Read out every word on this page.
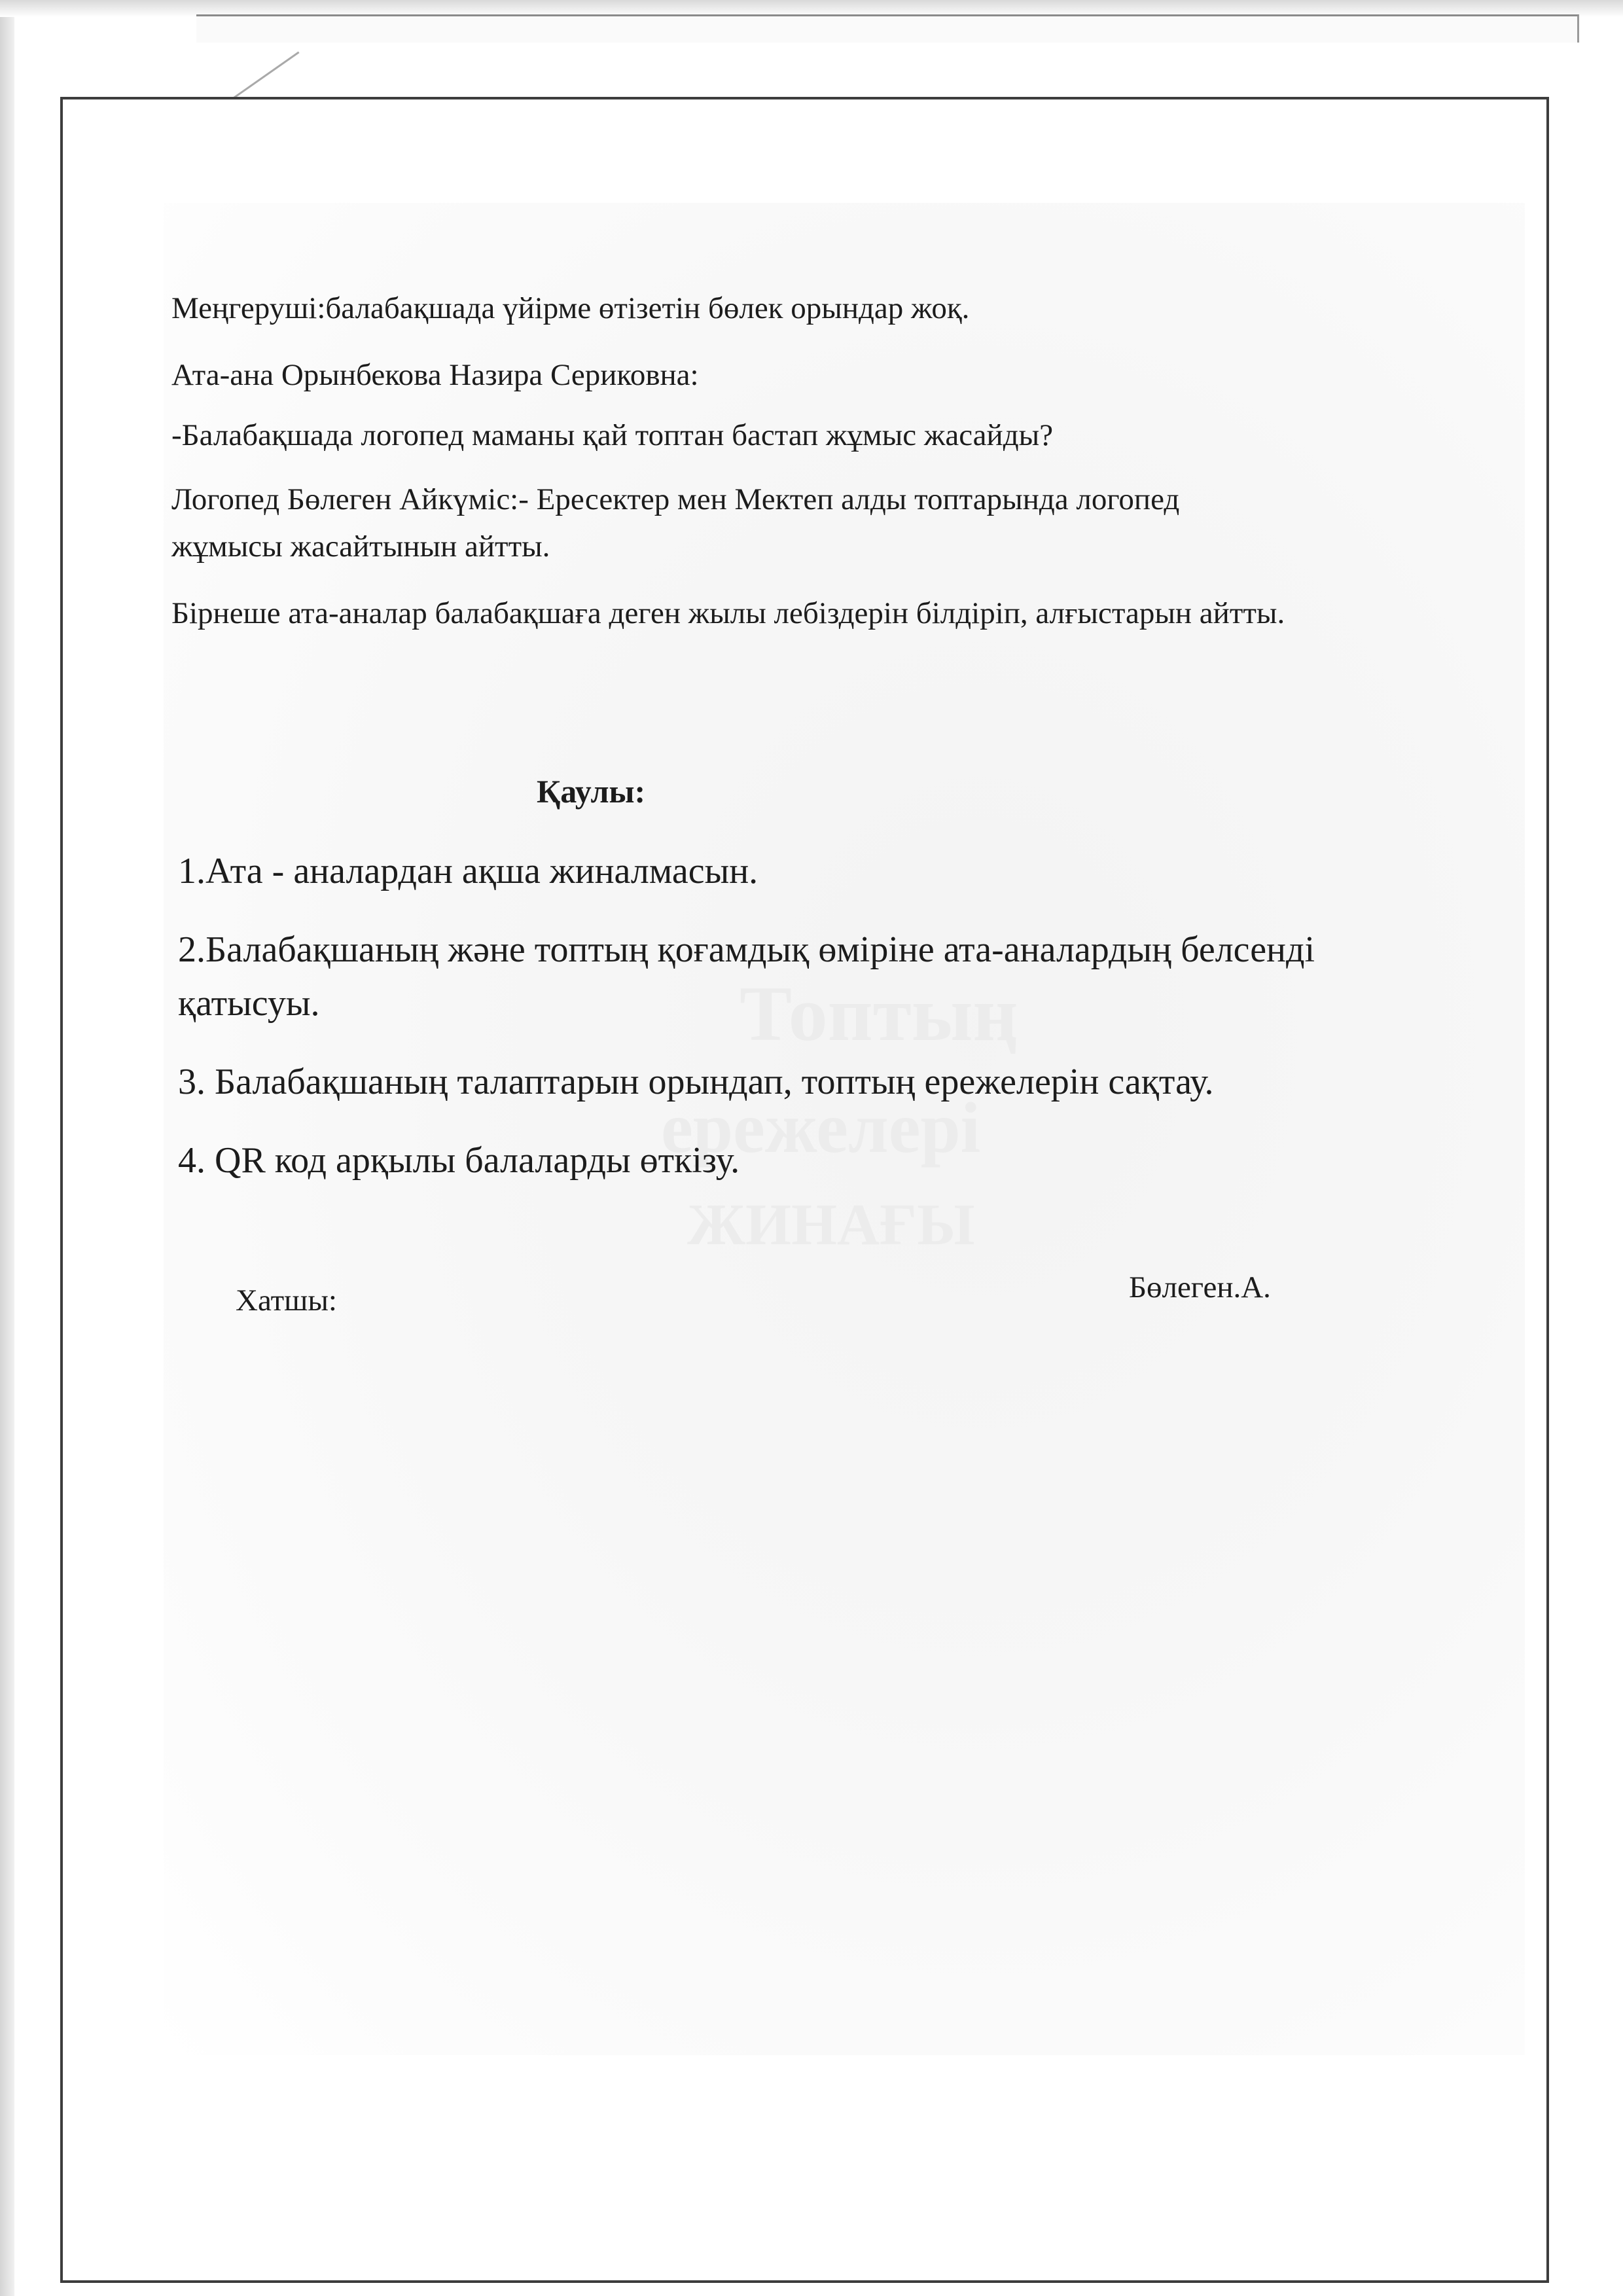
Топтың
ережелері
ЖИНАҒЫ
Меңгеруші:балабақшада үйірме өтізетін бөлек орындар жоқ.
Ата-ана Орынбекова Назира Сериковна:
-Балабақшада логопед маманы қай топтан бастап жұмыс жасайды?
Логопед Бөлеген Айкүміс:- Ересектер мен Мектеп алды топтарында логопед
жұмысы жасайтынын айтты.
Бірнеше ата-аналар балабақшаға деген жылы лебіздерін білдіріп, алғыстарын айтты.
Қаулы:
1.Ата - аналардан ақша жиналмасын.
2.Балабақшаның және топтың қоғамдық өміріне ата-аналардың белсенді қатысуы.
3. Балабақшаның талаптарын орындап, топтың ережелерін сақтау.
4. QR код арқылы балаларды өткізу.
Хатшы:	Бөлеген.А.
